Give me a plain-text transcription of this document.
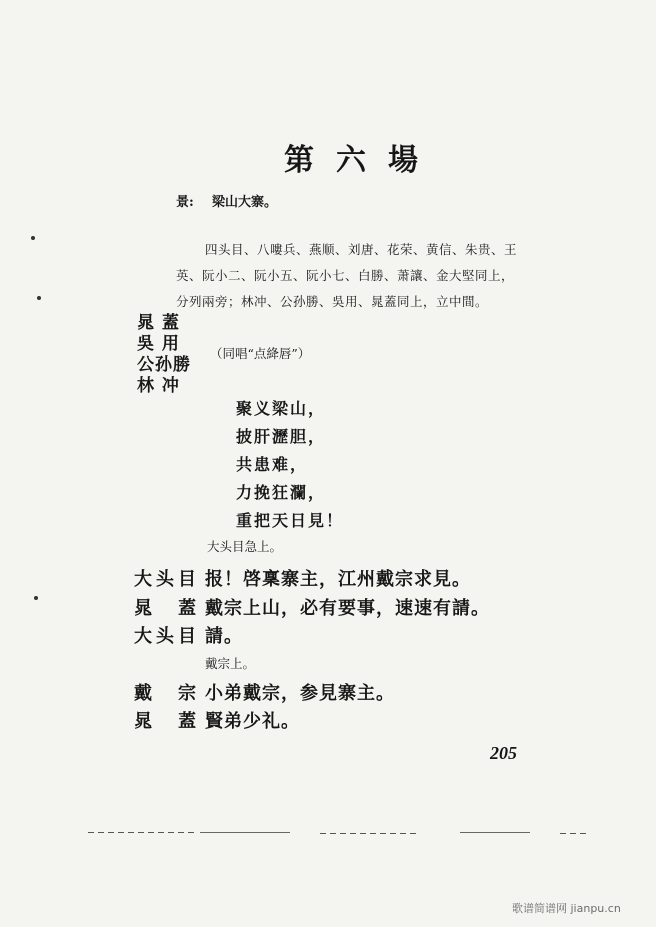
第六場
景: 梁山大寨。
四头目、八嘍兵、燕顺、刘唐、花荣、黄信、朱贵、王
英、阮小二、阮小五、阮小七、白勝、萧讓、金大堅同上，
分列兩旁；林冲、公孙勝、吳用、晁蓋同上，立中間。
晁 蓋
吳 用
公孙勝
林 冲
（同唱“点絳唇”）
聚义梁山，
披肝瀝胆，
共患难，
力挽狂瀾，
重把天日見！
大头目急上。
大头目 报！啓稟寨主，江州戴宗求見。
晁蓋 戴宗上山，必有要事，速速有請。
大头目 請。
戴宗上。
戴宗 小弟戴宗，参見寨主。
晁蓋 賢弟少礼。
205
歌谱简谱网 jianpu.cn
